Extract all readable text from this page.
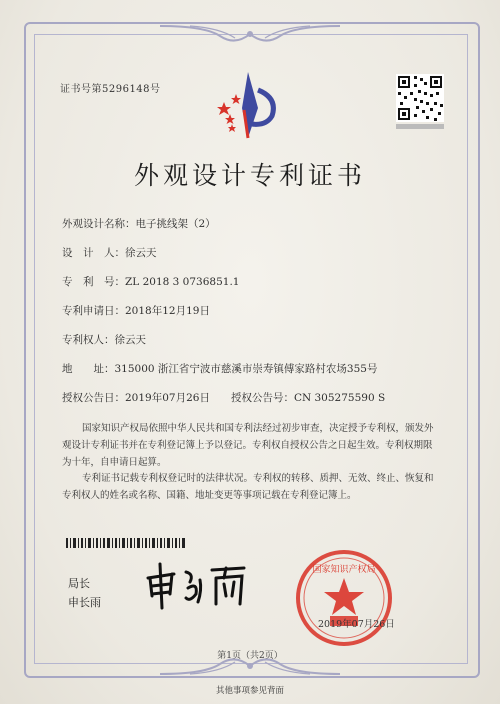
证书号第5296148号
外观设计专利证书
外观设计名称：电子挑线架（2）
设　计　人：徐云天
专　利　号：ZL 2018 3 0736851.1
专利申请日：2018年12月19日
专利权人：徐云天
地　　址：315000 浙江省宁波市慈溪市崇寿镇傅家路村农场355号
授权公告日：2019年07月26日　　授权公告号：CN 305275590 S
国家知识产权局依照中华人民共和国专利法经过初步审查，决定授予专利权，颁发外观设计专利证书并在专利登记簿上予以登记。专利权自授权公告之日起生效。专利权期限为十年，自申请日起算。
专利证书记载专利权登记时的法律状况。专利权的转移、质押、无效、终止、恢复和专利权人的姓名或名称、国籍、地址变更等事项记载在专利登记簿上。
局长
申长雨
国家知识产权局
2019年07月26日
第1页（共2页）
其他事项参见背面
